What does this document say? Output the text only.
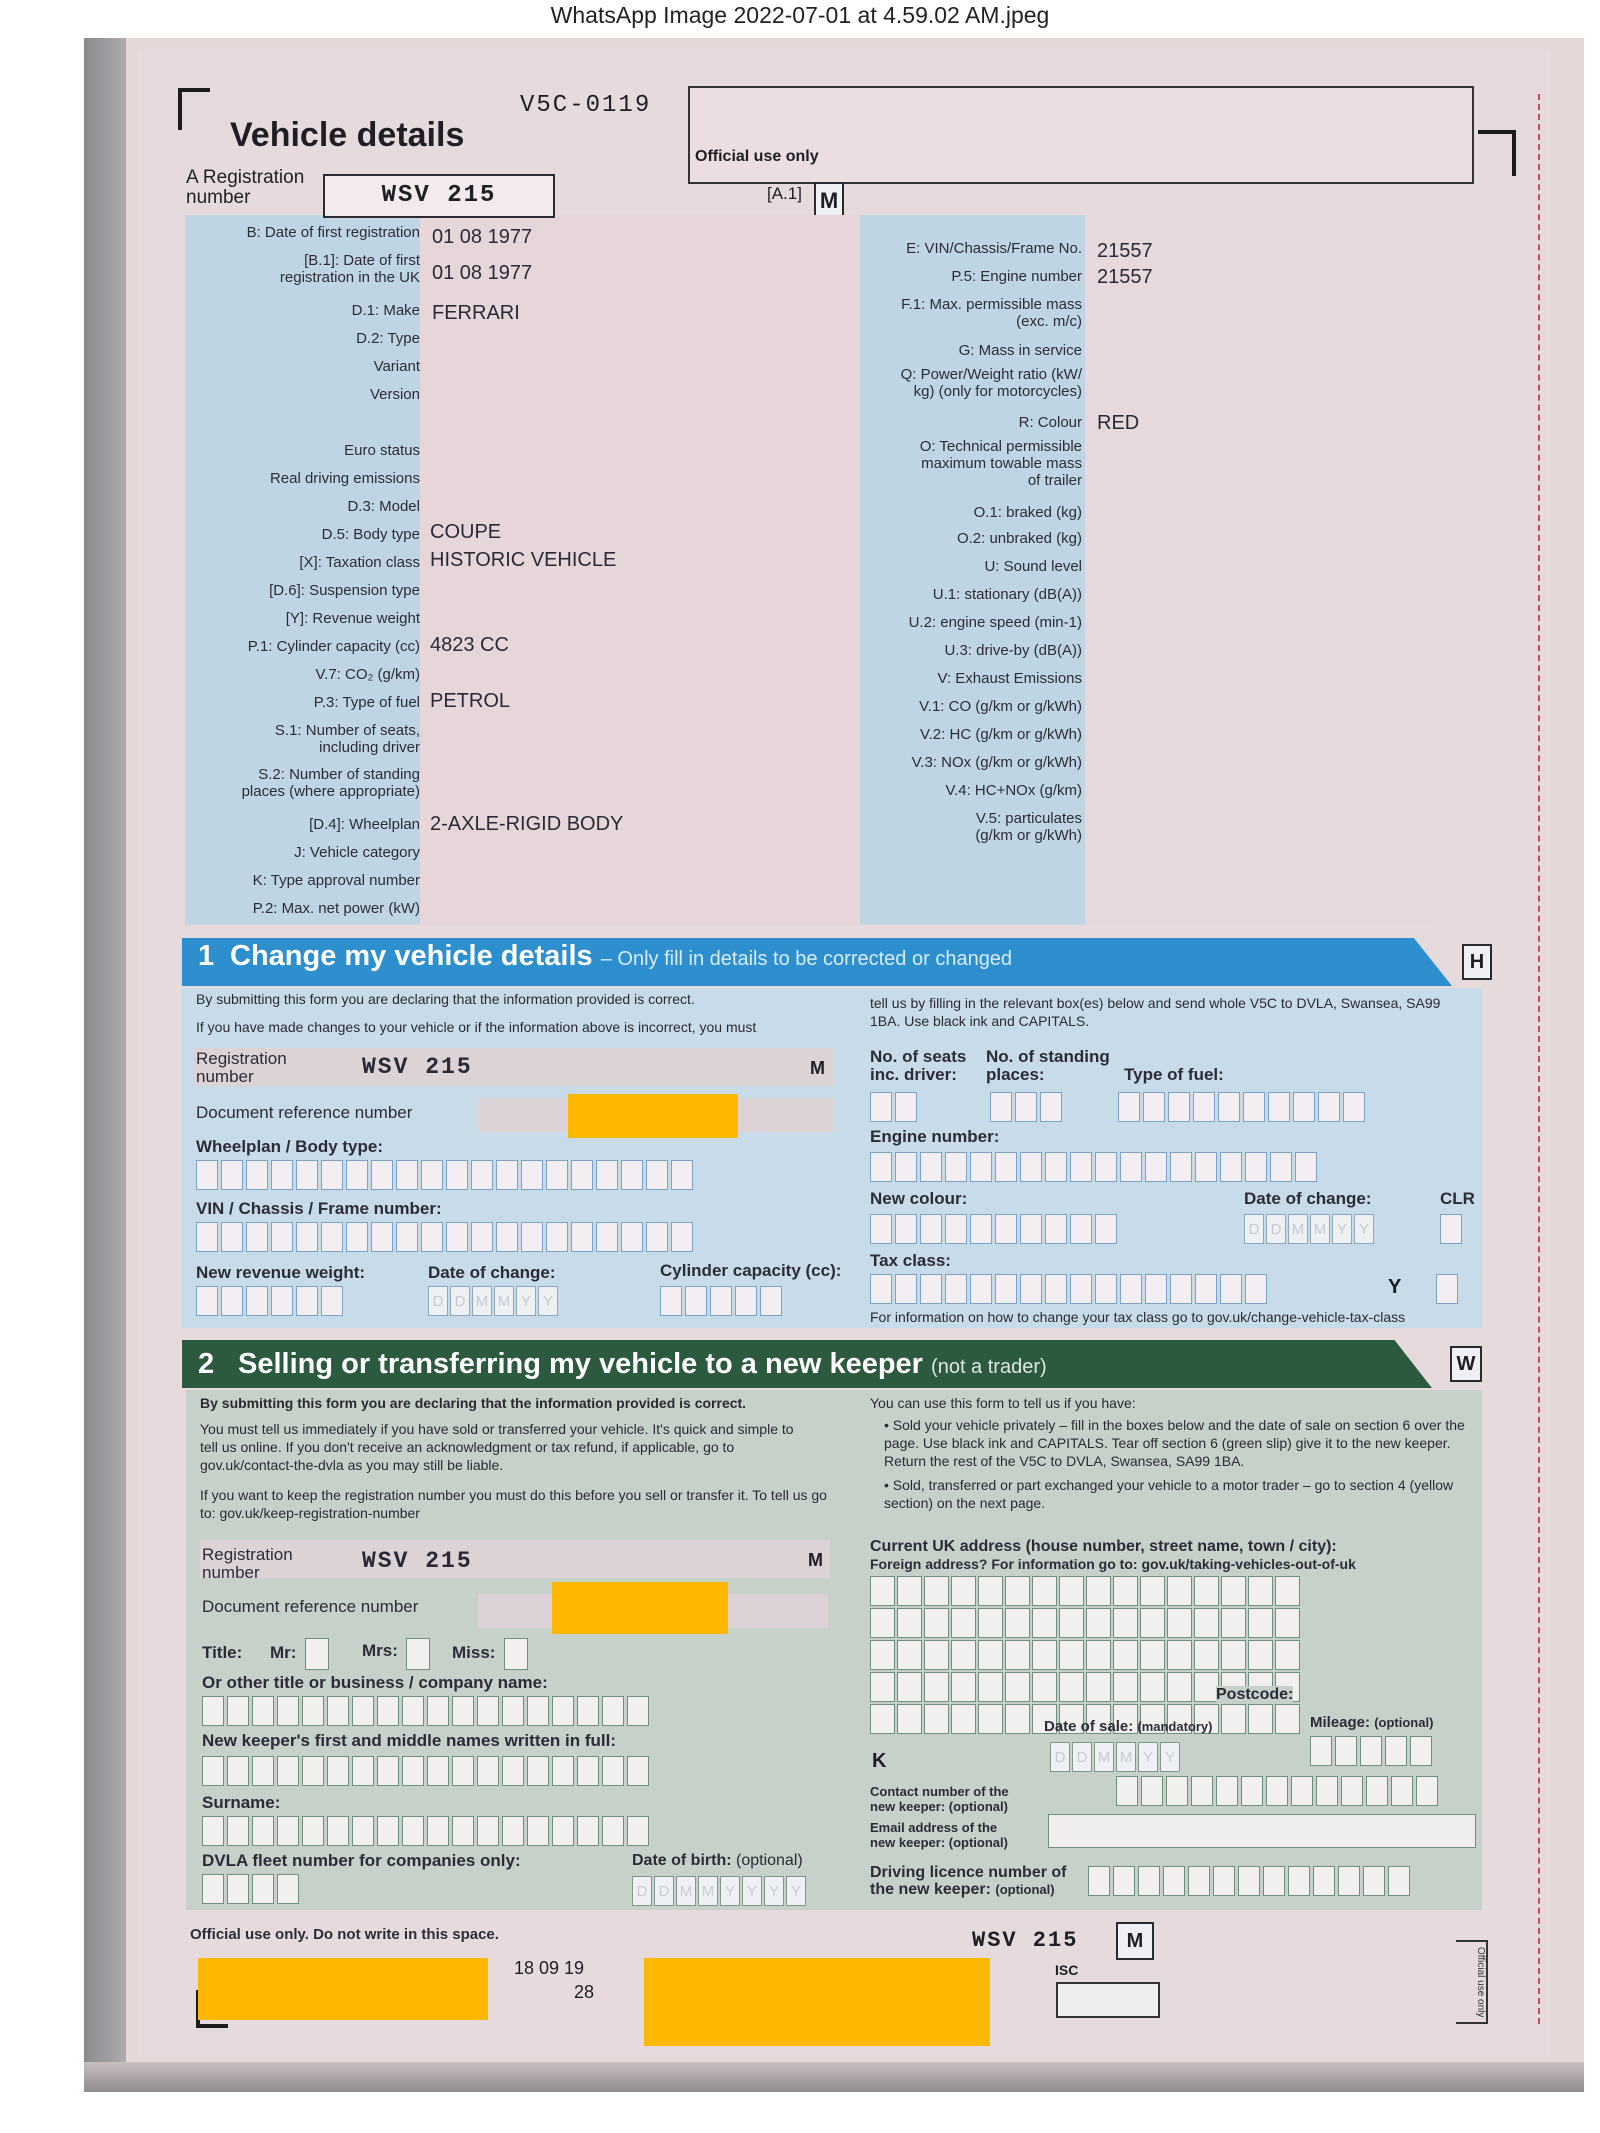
WhatsApp Image 2022-07-01 at 4.59.02 AM.jpeg
V5C-0119
Vehicle details
Official use only
[A.1] M
A Registration
number	WSV 215
B: Date of first registration 01 08 1977
[B.1]: Date of first
registration in the UK 01 08 1977
D.1: Make FERRARI
D.2: Type
Variant
Version
Euro status
Real driving emissions
D.3: Model
D.5: Body type COUPE
[X]: Taxation class HISTORIC VEHICLE
[D.6]: Suspension type
[Y]: Revenue weight
P.1: Cylinder capacity (cc) 4823 CC
V.7: CO₂ (g/km)
P.3: Type of fuel PETROL
S.1: Number of seats,
including driver
S.2: Number of standing
places (where appropriate)
[D.4]: Wheelplan 2-AXLE-RIGID BODY
J: Vehicle category
K: Type approval number
P.2: Max. net power (kW)
E: VIN/Chassis/Frame No. 21557
P.5: Engine number 21557
F.1: Max. permissible mass
(exc. m/c)
G: Mass in service
Q: Power/Weight ratio (kW/
kg) (only for motorcycles)
R: Colour RED
O: Technical permissible
maximum towable mass
of trailer
O.1: braked (kg)
O.2: unbraked (kg)
U: Sound level
U.1: stationary (dB(A))
U.2: engine speed (min-1)
U.3: drive-by (dB(A))
V: Exhaust Emissions
V.1: CO (g/km or g/kWh)
V.2: HC (g/km or g/kWh)
V.3: NOx (g/km or g/kWh)
V.4: HC+NOx (g/km)
V.5: particulates
(g/km or g/kWh)
1 Change my vehicle details – Only fill in details to be corrected or changed	H
By submitting this form you are declaring that the information provided is correct.
If you have made changes to your vehicle or if the information above is incorrect, you must
tell us by filling in the relevant box(es) below and send whole V5C to DVLA, Swansea, SA99 1BA. Use black ink and CAPITALS.
Registration
number	WSV 215	M
Document reference number
Wheelplan / Body type:
VIN / Chassis / Frame number:
New revenue weight:	Date of change:
D D M M Y Y
Cylinder capacity (cc):
No. of seats
inc. driver:
No. of standing
places:	Type of fuel:
Engine number:
New colour:	Date of change:
D D M M Y Y
CLR
Tax class:
Y
For information on how to change your tax class go to gov.uk/change-vehicle-tax-class
2 Selling or transferring my vehicle to a new keeper (not a trader)	W
By submitting this form you are declaring that the information provided is correct.
You must tell us immediately if you have sold or transferred your vehicle. It's quick and simple to tell us online. If you don't receive an acknowledgment or tax refund, if applicable, go to gov.uk/contact-the-dvla as you may still be liable.
If you want to keep the registration number you must do this before you sell or transfer it. To tell us go to: gov.uk/keep-registration-number
You can use this form to tell us if you have:
• Sold your vehicle privately – fill in the boxes below and the date of sale on section 6 over the page. Use black ink and CAPITALS. Tear off section 6 (green slip) give it to the new keeper. Return the rest of the V5C to DVLA, Swansea, SA99 1BA.
• Sold, transferred or part exchanged your vehicle to a motor trader – go to section 4 (yellow section) on the next page.
Registration
number	WSV 215	M
Document reference number
Title: Mr:	Mrs:	Miss:
Or other title or business / company name:
New keeper's first and middle names written in full:
Surname:
DVLA fleet number for companies only:	Date of birth: (optional)
D D M M Y Y Y Y
Current UK address (house number, street name, town / city):
Foreign address? For information go to: gov.uk/taking-vehicles-out-of-uk
Postcode:
Date of sale: (mandatory)
D D M M Y Y
Mileage: (optional)
K
Contact number of the
new keeper: (optional)
Email address of the
new keeper: (optional)
Driving licence number of
the new keeper: (optional)
Official use only. Do not write in this space.
18 09 19
28
WSV 215	M
ISC	Official use only
